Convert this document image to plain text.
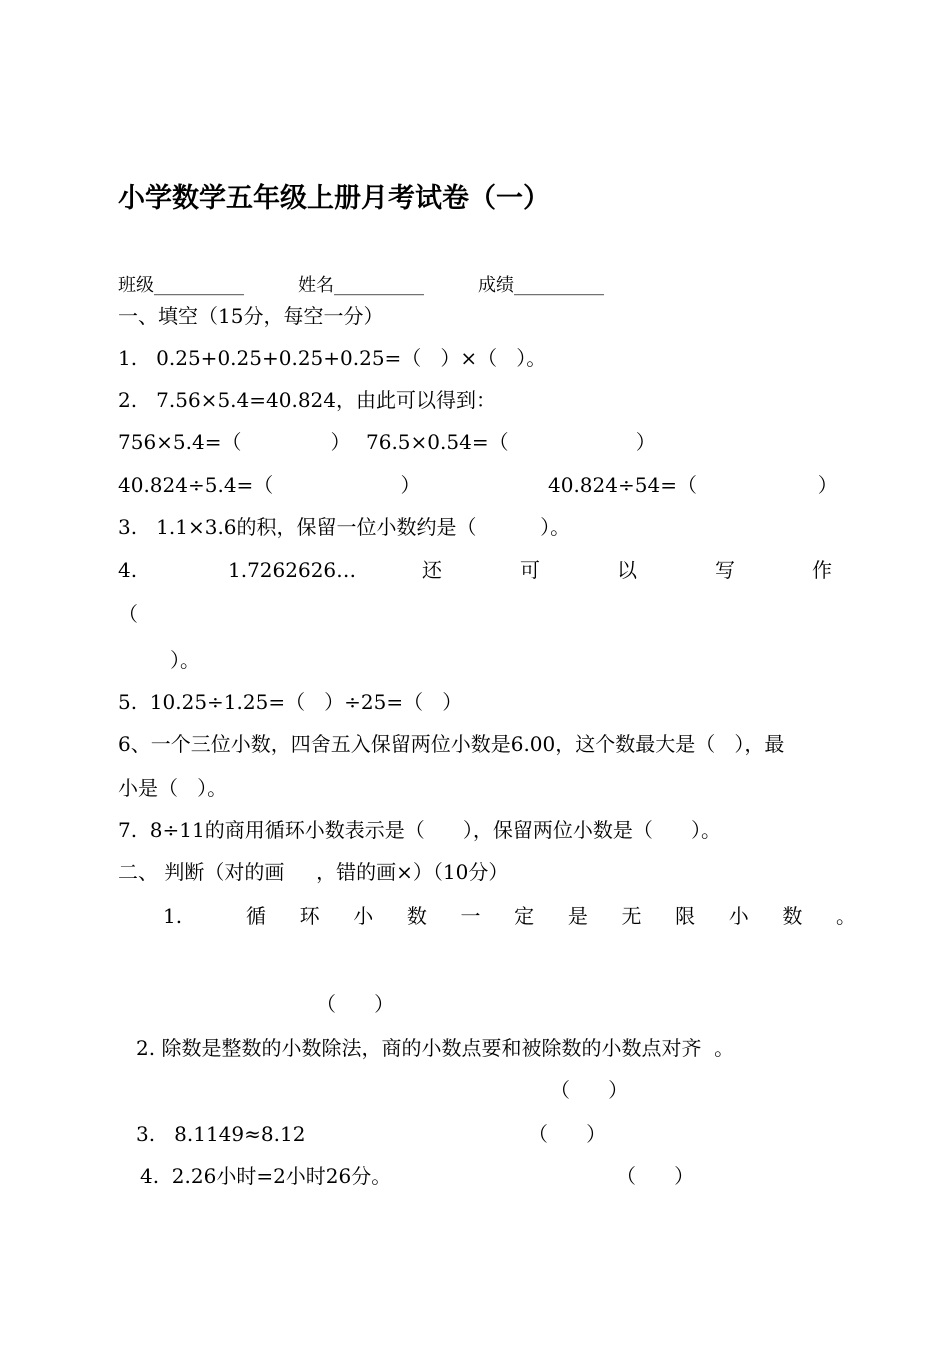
小学数学五年级上册月考试卷（一）
班级__________	姓名__________	成绩__________
一、填空（15分，每空一分）
1.   0.25+0.25+0.25+0.25=（   ）×（   ）。
2.   7.56×5.4=40.824，由此可以得到：
756×5.4=（              ） 76.5×0.54=（                    ）
40.824÷5.4=（                    ）	40.824÷54=（                   ）
3.   1.1×3.6的积，保留一位小数约是（          ）。
4.	1.7262626…	还	可	以	写	作
（
）。
5.  10.25÷1.25=（   ）÷25=（   ）
6、一个三位小数，四舍五入保留两位小数是6.00，这个数最大是（   ），最
小是（   ）。
7.  8÷11的商用循环小数表示是（      ），保留两位小数是（      ）。
二、 判断（对的画     ，错的画×）（10分）
1.	循 环 小 数 一 定 是 无 限 小 数 。
（      ）
2. 除数是整数的小数除法，商的小数点要和被除数的小数点对齐  。
（      ）
3.   8.1149≈8.12	（      ）
4.  2.26小时=2小时26分。	（      ）
